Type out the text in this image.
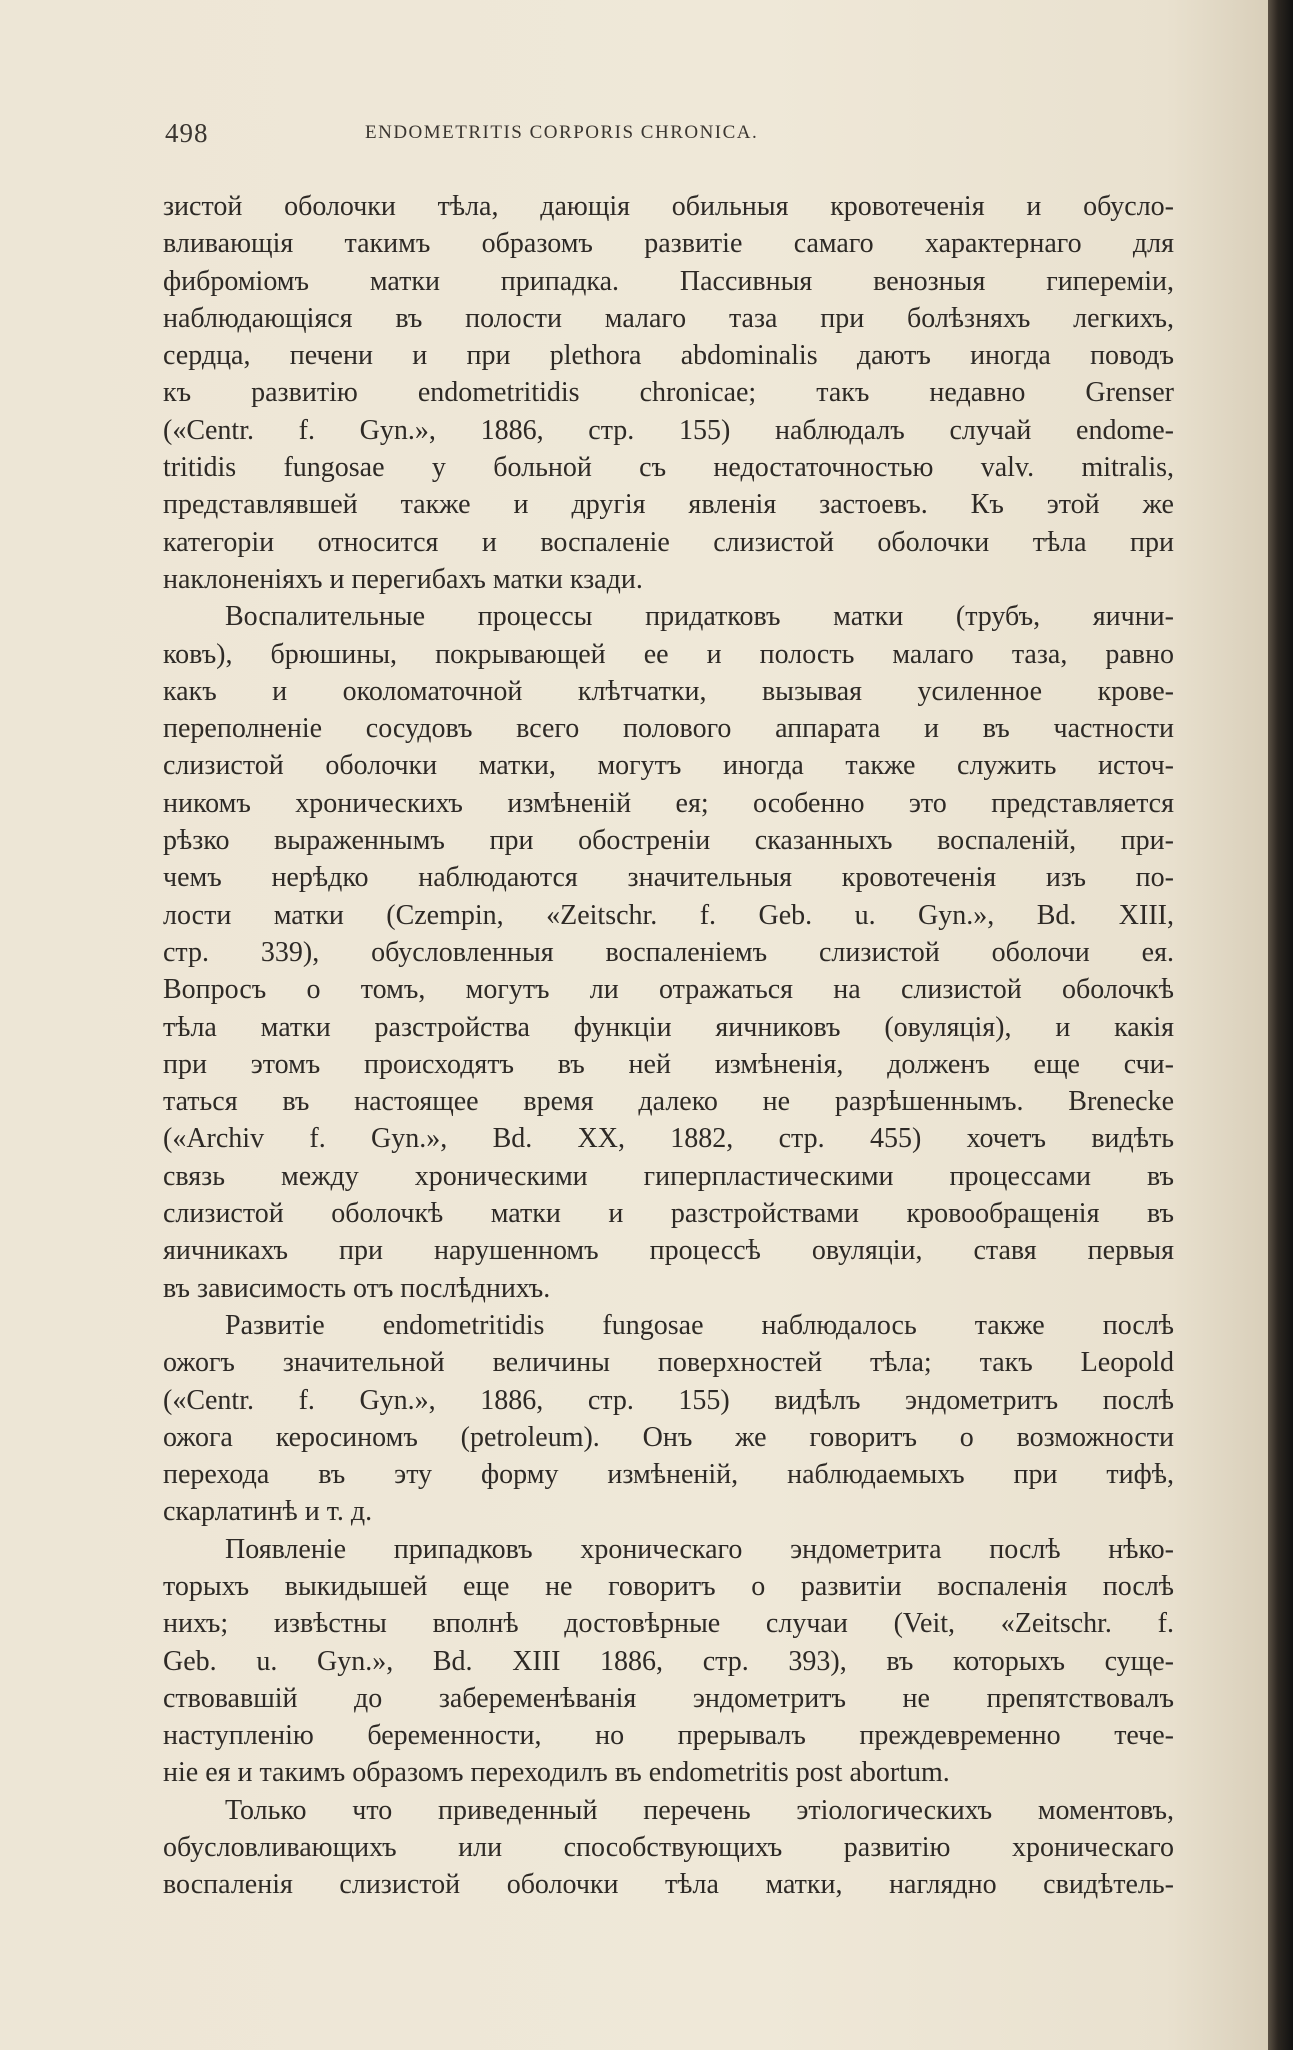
498	ENDOMETRITIS CORPORIS CHRONICA.

зистой оболочки тѣла, дающія обильныя кровотеченія и обусло-
вливающія такимъ образомъ развитіе самаго характернаго для
фиброміомъ матки припадка. Пассивныя венозныя гипереміи,
наблюдающіяся въ полости малаго таза при болѣзняхъ легкихъ,
сердца, печени и при plethora abdominalis даютъ иногда поводъ
къ развитію endometritidis chronicae; такъ недавно Grenser
(«Centr. f. Gyn.», 1886, стр. 155) наблюдалъ случай endome-
tritidis fungosae у больной съ недостаточностью valv. mitralis,
представлявшей также и другія явленія застоевъ. Къ этой же
категоріи относится и воспаленіе слизистой оболочки тѣла при
наклоненіяхъ и перегибахъ матки кзади.

Воспалительные процессы придатковъ матки (трубъ, яични-
ковъ), брюшины, покрывающей ее и полость малаго таза, равно
какъ и околоматочной клѣтчатки, вызывая усиленное крове-
переполненіе сосудовъ всего полового аппарата и въ частности
слизистой оболочки матки, могутъ иногда также служить источ-
никомъ хроническихъ измѣненій ея; особенно это представляется
рѣзко выраженнымъ при обостреніи сказанныхъ воспаленій, при-
чемъ нерѣдко наблюдаются значительныя кровотеченія изъ по-
лости матки (Czempin, «Zeitschr. f. Geb. u. Gyn.», Bd. XIII,
стр. 339), обусловленныя воспаленіемъ слизистой оболочи ея.
Вопросъ о томъ, могутъ ли отражаться на слизистой оболочкѣ
тѣла матки разстройства функціи яичниковъ (овуляція), и какія
при этомъ происходятъ въ ней измѣненія, долженъ еще счи-
таться въ настоящее время далеко не разрѣшеннымъ. Brenecke
(«Archiv f. Gyn.», Bd. XX, 1882, стр. 455) хочетъ видѣть
связь между хроническими гиперпластическими процессами въ
слизистой оболочкѣ матки и разстройствами кровообращенія въ
яичникахъ при нарушенномъ процессѣ овуляціи, ставя первыя
въ зависимость отъ послѣднихъ.

Развитіе endometritidis fungosae наблюдалось также послѣ
ожогъ значительной величины поверхностей тѣла; такъ Leopold
(«Centr. f. Gyn.», 1886, стр. 155) видѣлъ эндометритъ послѣ
ожога керосиномъ (petroleum). Онъ же говоритъ о возможности
перехода въ эту форму измѣненій, наблюдаемыхъ при тифѣ,
скарлатинѣ и т. д.

Появленіе припадковъ хроническаго эндометрита послѣ нѣко-
торыхъ выкидышей еще не говоритъ о развитіи воспаленія послѣ
нихъ; извѣстны вполнѣ достовѣрные случаи (Veit, «Zeitschr. f.
Geb. u. Gyn.», Bd. XIII 1886, стр. 393), въ которыхъ суще-
ствовавшій до забеременѣванія эндометритъ не препятствовалъ
наступленію беременности, но прерывалъ преждевременно тече-
ніе ея и такимъ образомъ переходилъ въ endometritis post abortum.

Только что приведенный перечень этіологическихъ моментовъ,
обусловливающихъ или способствующихъ развитію хроническаго
воспаленія слизистой оболочки тѣла матки, наглядно свидѣтель-
